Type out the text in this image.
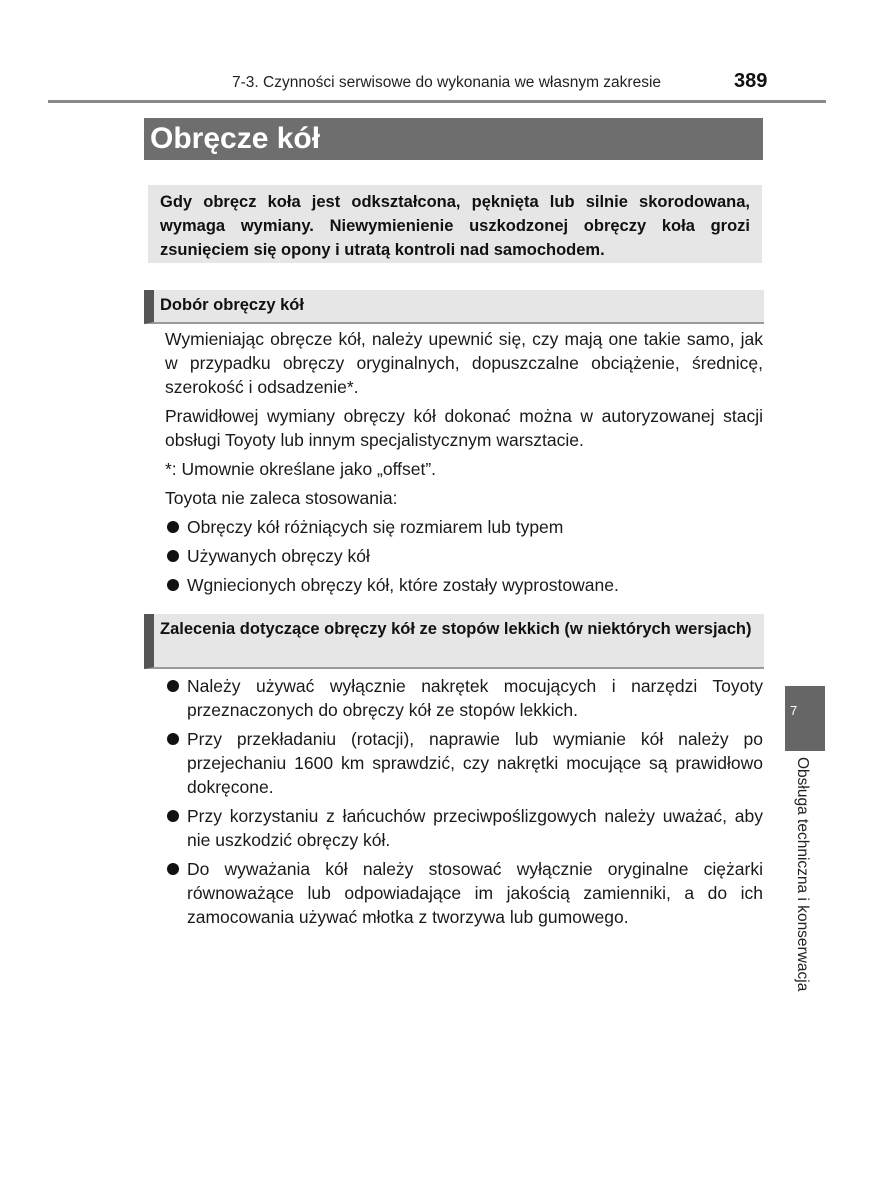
7-3. Czynności serwisowe do wykonania we własnym zakresie	389
Obręcze kół
Gdy obręcz koła jest odkształcona, pęknięta lub silnie skorodowana, wymaga wymiany. Niewymienienie uszkodzonej obręczy koła grozi zsunięciem się opony i utratą kontroli nad samochodem.
Dobór obręczy kół

Wymieniając obręcze kół, należy upewnić się, czy mają one takie samo, jak w przypadku obręczy oryginalnych, dopuszczalne obciążenie, średnicę, szerokość i odsadzenie*.

Prawidłowej wymiany obręczy kół dokonać można w autoryzowanej stacji obsługi Toyoty lub innym specjalistycznym warsztacie.

*: Umownie określane jako „offset”.

Toyota nie zaleca stosowania:

Obręczy kół różniących się rozmiarem lub typem
Używanych obręczy kół
Wgniecionych obręczy kół, które zostały wyprostowane.
Zalecenia dotyczące obręczy kół ze stopów lekkich (w niektórych wersjach)
Należy używać wyłącznie nakrętek mocujących i narzędzi Toyoty przeznaczonych do obręczy kół ze stopów lekkich.
Przy przekładaniu (rotacji), naprawie lub wymianie kół należy po przejechaniu 1600 km sprawdzić, czy nakrętki mocujące są prawidłowo dokręcone.
Przy korzystaniu z łańcuchów przeciwpoślizgowych należy uważać, aby nie uszkodzić obręczy kół.
Do wyważania kół należy stosować wyłącznie oryginalne ciężarki równoważące lub odpowiadające im jakością zamienniki, a do ich zamocowania używać młotka z tworzywa lub gumowego.
7
Obsługa techniczna i konserwacja
